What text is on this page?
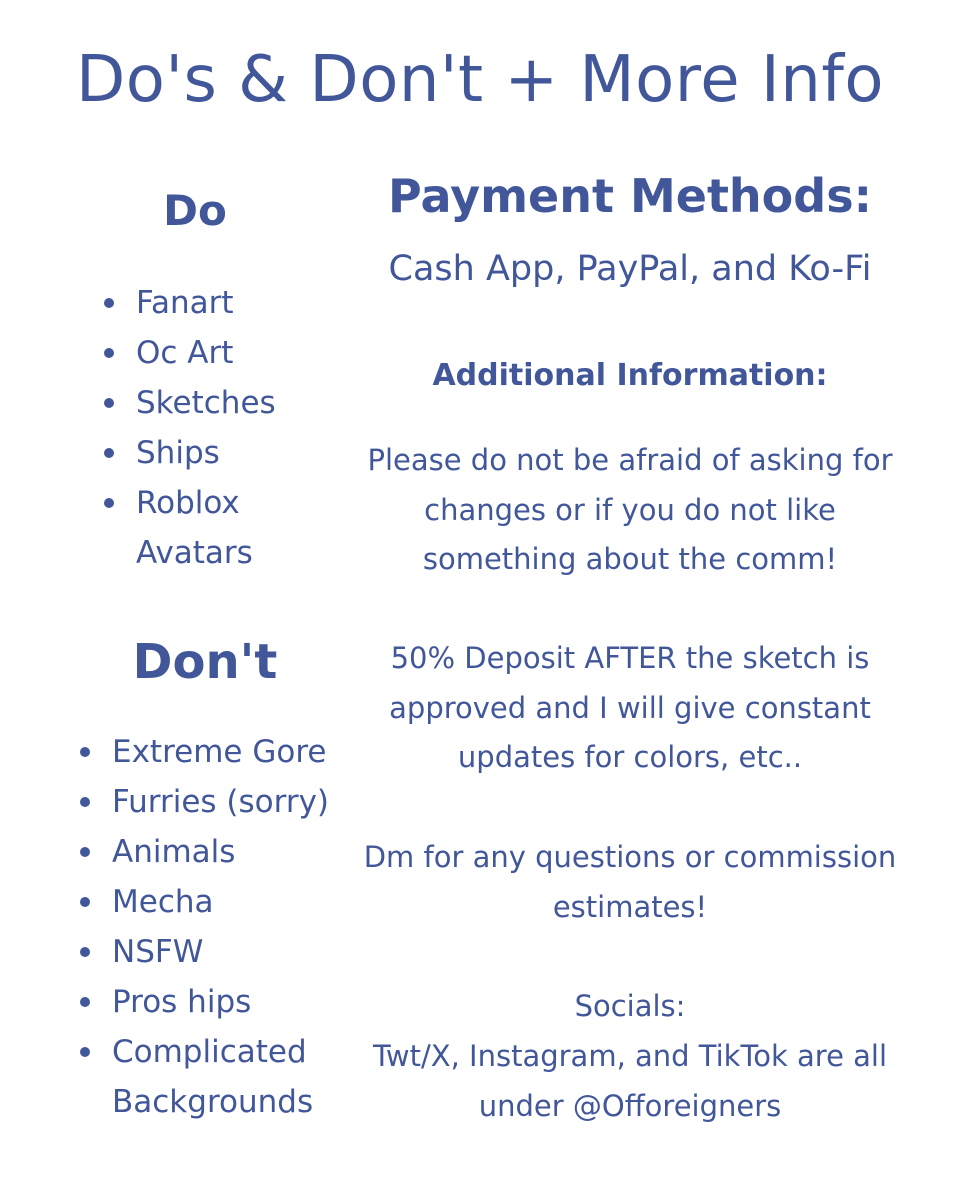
Do's & Don't + More Info
Do
Fanart
Oc Art
Sketches
Ships
Roblox Avatars
Don't
Extreme Gore
Furries (sorry)
Animals
Mecha
NSFW
Pros hips
Complicated Backgrounds
Payment Methods:

Cash App, PayPal, and Ko-Fi

Additional Information:

Please do not be afraid of asking for changes or if you do not like something about the comm!

50% Deposit AFTER the sketch is approved and I will give constant updates for colors, etc..

Dm for any questions or commission estimates!

Socials:

Twt/X, Instagram, and TikTok are all under @Offoreigners
